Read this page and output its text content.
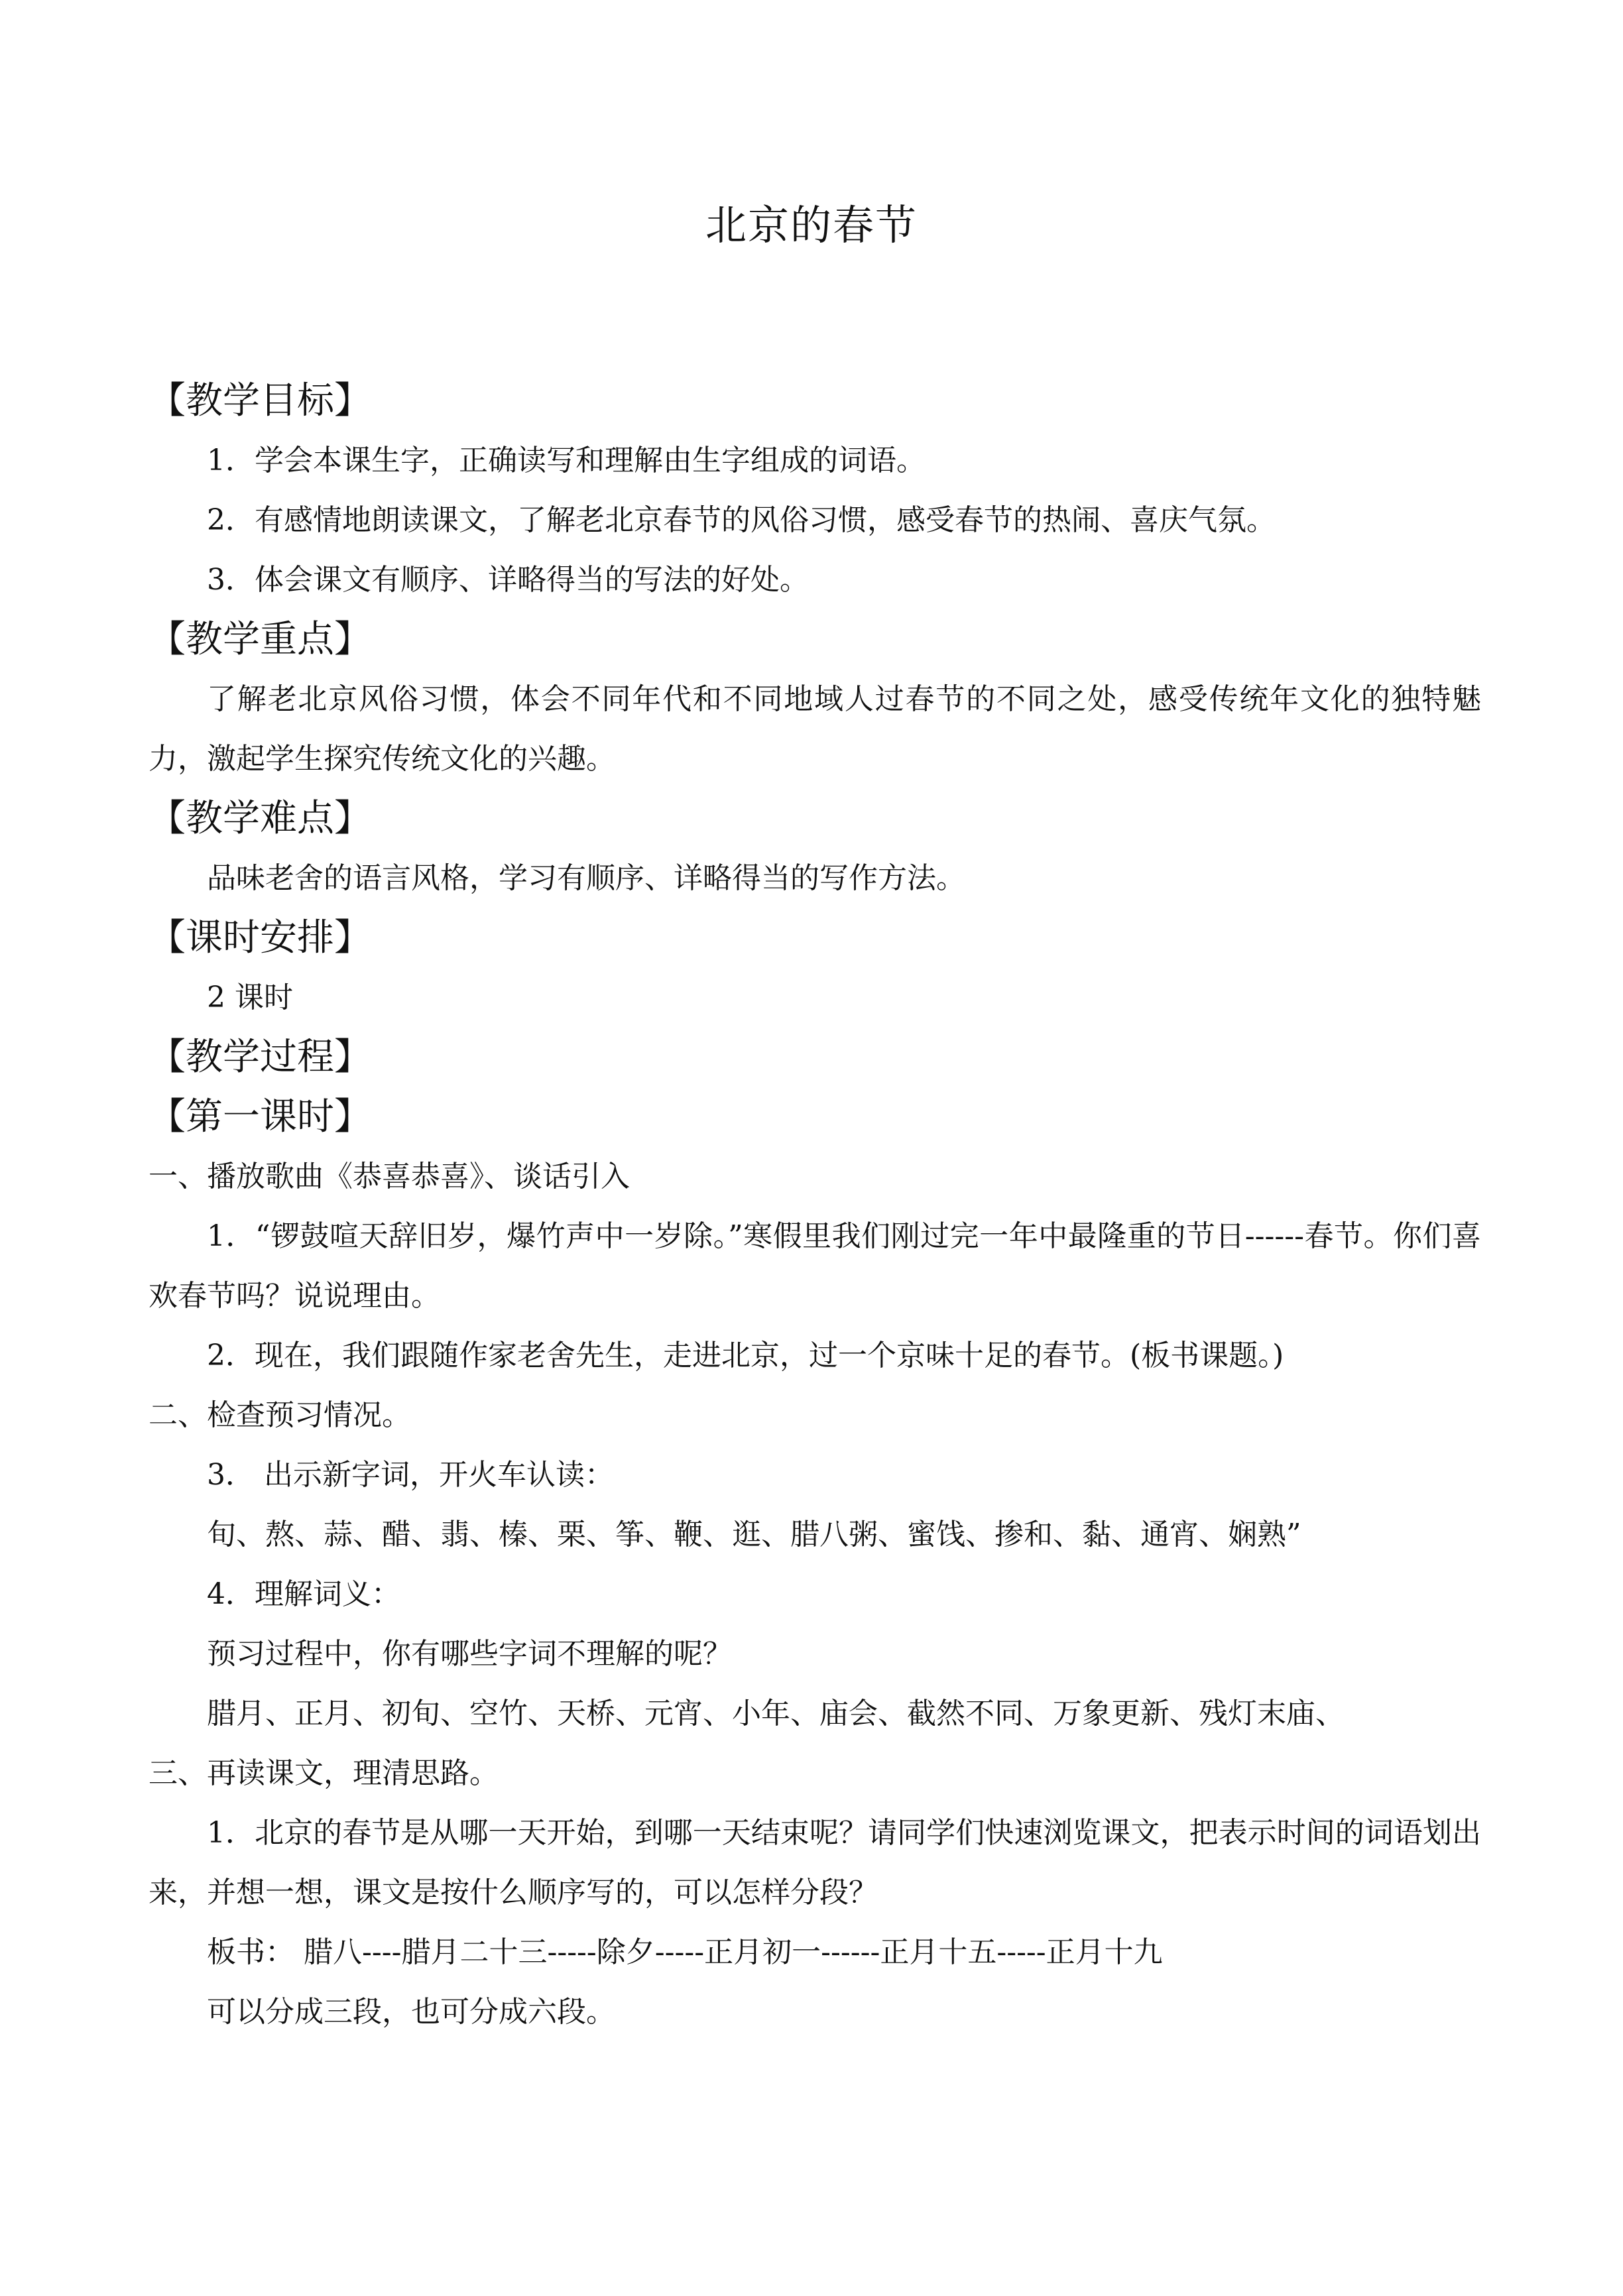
北京的春节

【教学目标】

1．学会本课生字，正确读写和理解由生字组成的词语。

2．有感情地朗读课文，了解老北京春节的风俗习惯，感受春节的热闹、喜庆气氛。

3．体会课文有顺序、详略得当的写法的好处。

【教学重点】

了解老北京风俗习惯，体会不同年代和不同地域人过春节的不同之处，感受传统年文化的独特魅力，激起学生探究传统文化的兴趣。

【教学难点】

品味老舍的语言风格，学习有顺序、详略得当的写作方法。

【课时安排】

2 课时

【教学过程】

【第一课时】

一、播放歌曲《恭喜恭喜》、谈话引入

1．“锣鼓喧天辞旧岁，爆竹声中一岁除。”寒假里我们刚过完一年中最隆重的节日------春节。你们喜欢春节吗？说说理由。

2．现在，我们跟随作家老舍先生，走进北京，过一个京味十足的春节。(板书课题。)

二、检查预习情况。

3． 出示新字词，开火车认读：

旬、熬、蒜、醋、翡、榛、栗、筝、鞭、逛、腊八粥、蜜饯、掺和、黏、通宵、娴熟”

4．理解词义：

预习过程中，你有哪些字词不理解的呢？

腊月、正月、初旬、空竹、天桥、元宵、小年、庙会、截然不同、万象更新、残灯末庙、

三、再读课文，理清思路。

1．北京的春节是从哪一天开始，到哪一天结束呢？请同学们快速浏览课文，把表示时间的词语划出来，并想一想，课文是按什么顺序写的，可以怎样分段？

板书： 腊八----腊月二十三-----除夕-----正月初一------正月十五-----正月十九

可以分成三段，也可分成六段。
